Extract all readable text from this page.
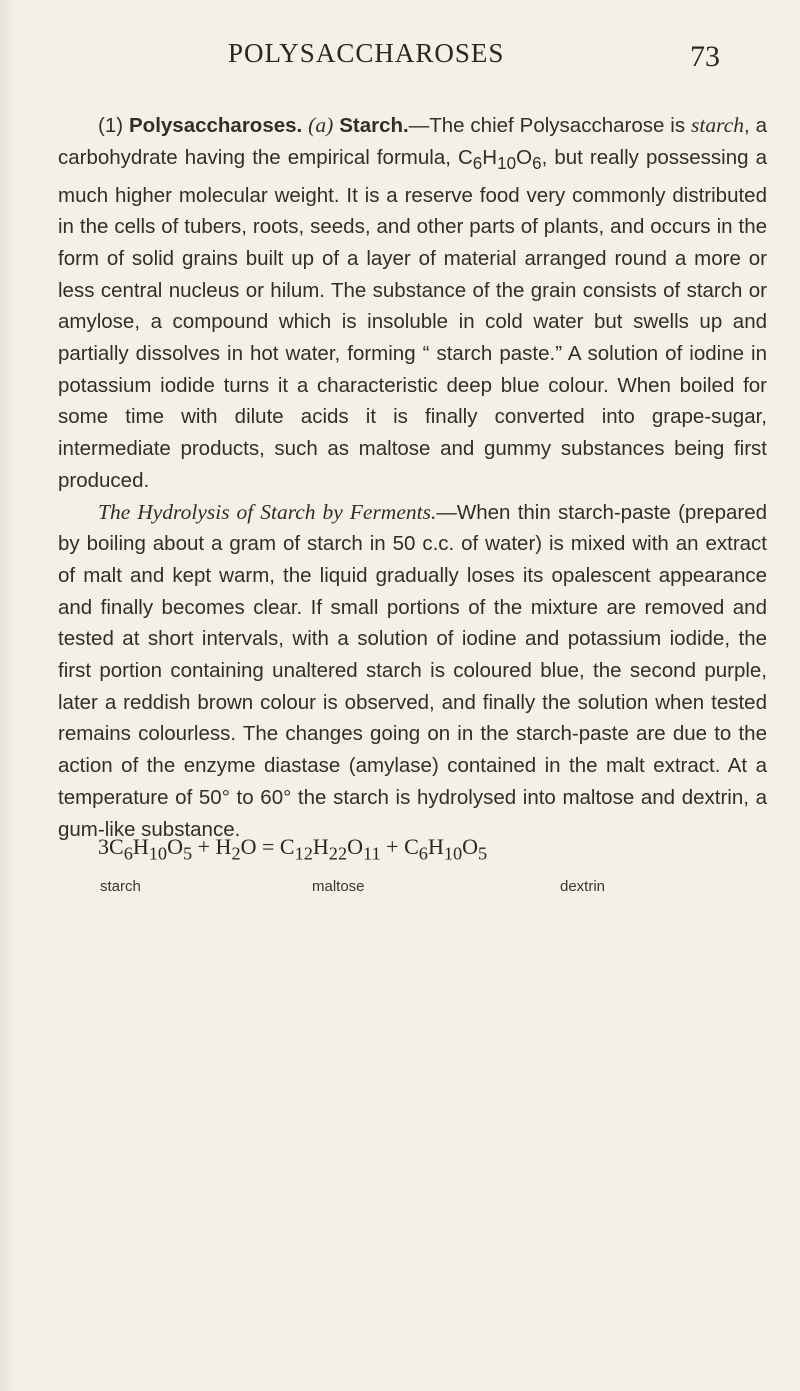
POLYSACCHAROSES	73

(1) Polysaccharoses. (a) Starch.—The chief Polysaccharose is starch, a carbohydrate having the empirical formula, $C_6H_{10}O_6$, but really possessing a much higher molecular weight. It is a reserve food very commonly distributed in the cells of tubers, roots, seeds, and other parts of plants, and occurs in the form of solid grains built up of a layer of material arranged round a more or less central nucleus or hilum. The substance of the grain consists of starch or amylose, a compound which is insoluble in cold water but swells up and partially dissolves in hot water, forming “ starch paste.” A solution of iodine in potassium iodide turns it a characteristic deep blue colour. When boiled for some time with dilute acids it is finally converted into grape-sugar, intermediate products, such as maltose and gummy substances being first produced.

The Hydrolysis of Starch by Ferments.—When thin starch-paste (prepared by boiling about a gram of starch in 50 c.c. of water) is mixed with an extract of malt and kept warm, the liquid gradually loses its opalescent appearance and finally becomes clear. If small portions of the mixture are removed and tested at short intervals, with a solution of iodine and potassium iodide, the first portion containing unaltered starch is coloured blue, the second purple, later a reddish brown colour is observed, and finally the solution when tested remains colourless. The changes going on in the starch-paste are due to the action of the enzyme diastase (amylase) contained in the malt extract. At a temperature of 50° to 60° the starch is hydrolysed into maltose and dextrin, a gum-like substance.

$3C_6H_{10}O_5 + H_2O = C_{12}H_{22}O_{11} + C_6H_{10}O_5$
starch	maltose	dextrin
